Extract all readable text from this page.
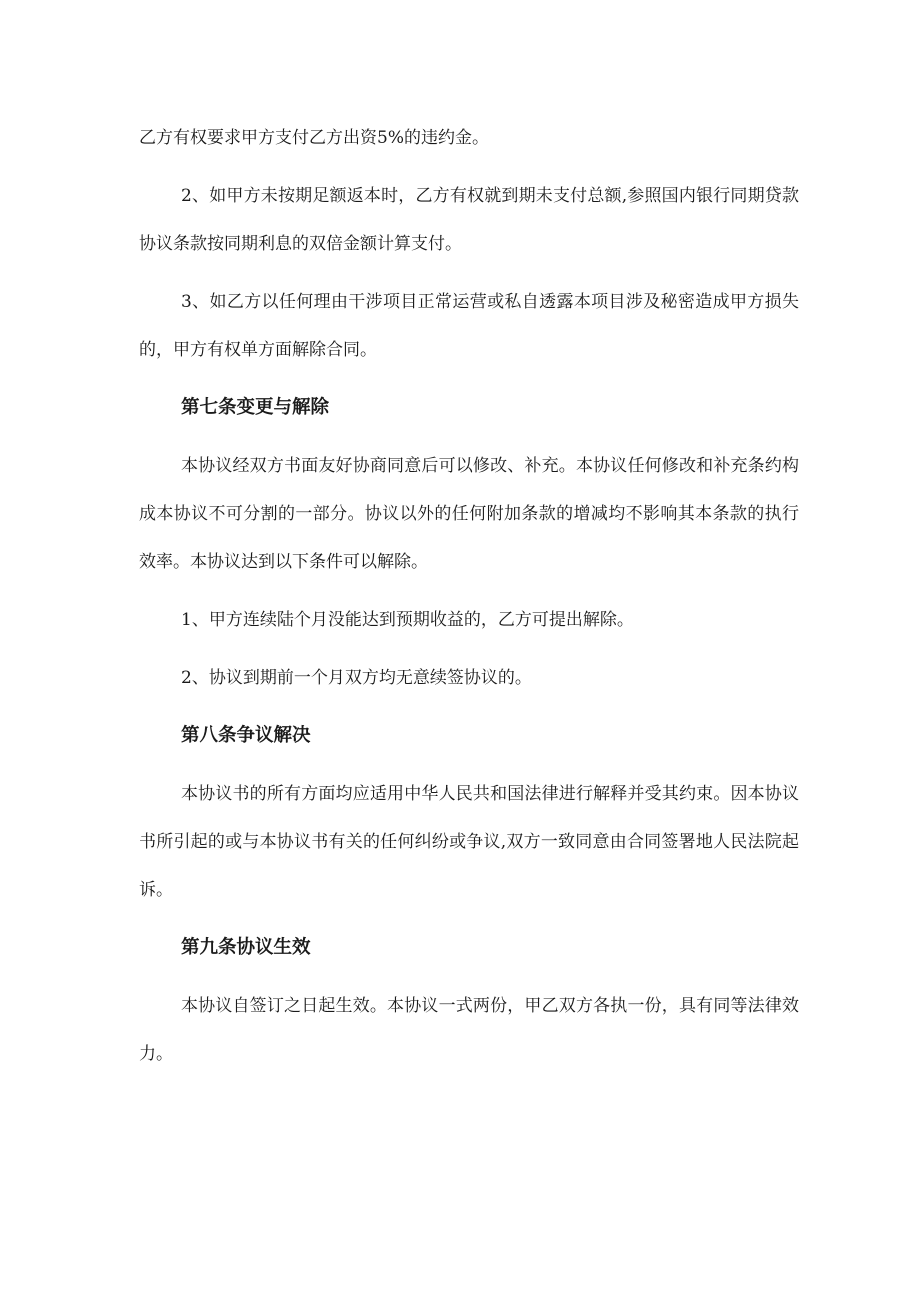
乙方有权要求甲方支付乙方出资5%的违约金。

2、如甲方未按期足额返本时，乙方有权就到期未支付总额,参照国内银行同期贷款协议条款按同期利息的双倍金额计算支付。

3、如乙方以任何理由干涉项目正常运营或私自透露本项目涉及秘密造成甲方损失的，甲方有权单方面解除合同。

第七条变更与解除

本协议经双方书面友好协商同意后可以修改、补充。本协议任何修改和补充条约构成本协议不可分割的一部分。协议以外的任何附加条款的增减均不影响其本条款的执行效率。本协议达到以下条件可以解除。

1、甲方连续陆个月没能达到预期收益的，乙方可提出解除。

2、协议到期前一个月双方均无意续签协议的。

第八条争议解决

本协议书的所有方面均应适用中华人民共和国法律进行解释并受其约束。因本协议书所引起的或与本协议书有关的任何纠纷或争议,双方一致同意由合同签署地人民法院起诉。

第九条协议生效

本协议自签订之日起生效。本协议一式两份，甲乙双方各执一份，具有同等法律效力。
